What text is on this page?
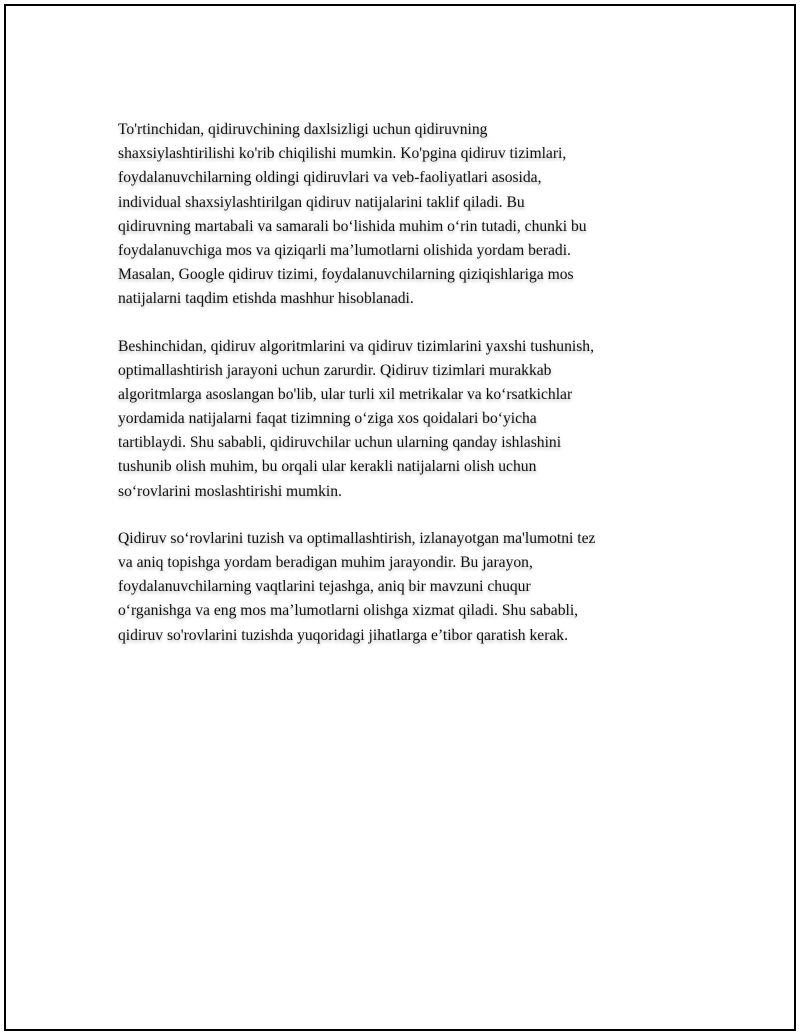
To'rtinchidan, qidiruvchining daxlsizligi uchun qidiruvning
shaxsiylashtirilishi ko'rib chiqilishi mumkin. Ko'pgina qidiruv tizimlari,
foydalanuvchilarning oldingi qidiruvlari va veb-faoliyatlari asosida,
individual shaxsiylashtirilgan qidiruv natijalarini taklif qiladi. Bu
qidiruvning martabali va samarali bo‘lishida muhim o‘rin tutadi, chunki bu
foydalanuvchiga mos va qiziqarli ma’lumotlarni olishida yordam beradi.
Masalan, Google qidiruv tizimi, foydalanuvchilarning qiziqishlariga mos
natijalarni taqdim etishda mashhur hisoblanadi.
Beshinchidan, qidiruv algoritmlarini va qidiruv tizimlarini yaxshi tushunish,
optimallashtirish jarayoni uchun zarurdir. Qidiruv tizimlari murakkab
algoritmlarga asoslangan bo'lib, ular turli xil metrikalar va ko‘rsatkichlar
yordamida natijalarni faqat tizimning o‘ziga xos qoidalari bo‘yicha
tartiblaydi. Shu sababli, qidiruvchilar uchun ularning qanday ishlashini
tushunib olish muhim, bu orqali ular kerakli natijalarni olish uchun
so‘rovlarini moslashtirishi mumkin.
Qidiruv so‘rovlarini tuzish va optimallashtirish, izlanayotgan ma'lumotni tez
va aniq topishga yordam beradigan muhim jarayondir. Bu jarayon,
foydalanuvchilarning vaqtlarini tejashga, aniq bir mavzuni chuqur
o‘rganishga va eng mos ma’lumotlarni olishga xizmat qiladi. Shu sababli,
qidiruv so'rovlarini tuzishda yuqoridagi jihatlarga e’tibor qaratish kerak.
